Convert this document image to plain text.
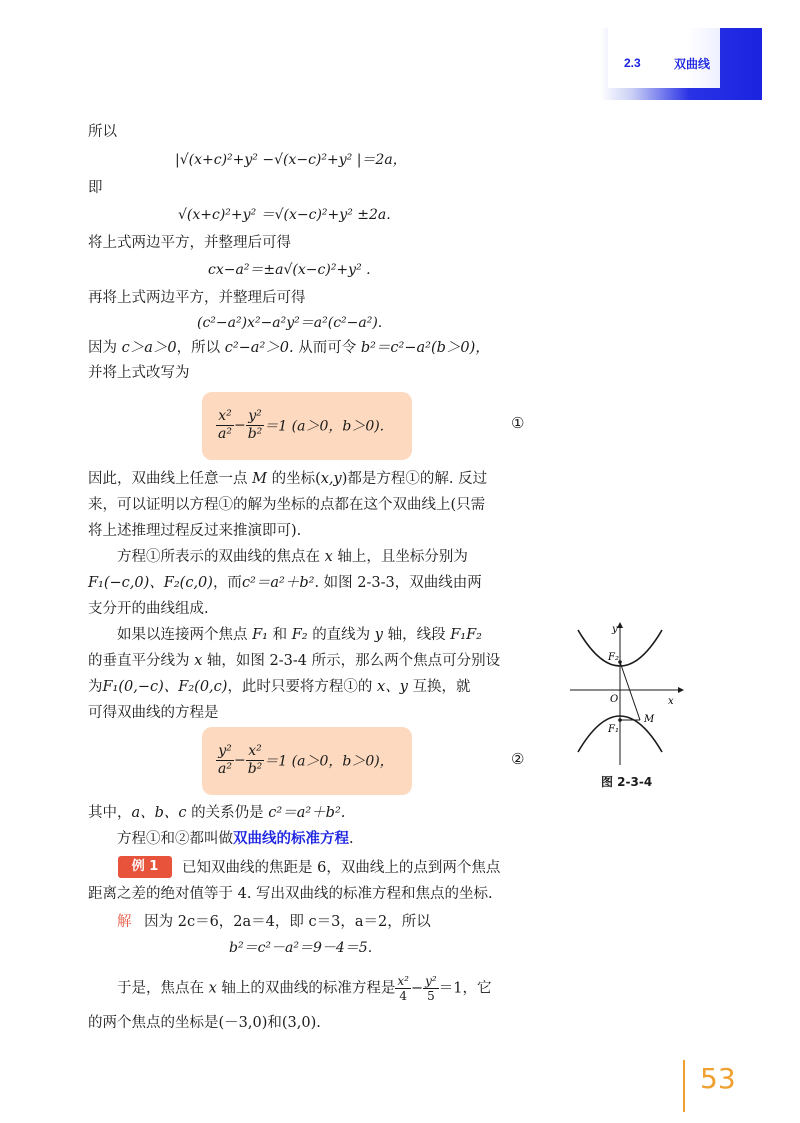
2.3	双曲线
所以
|√(x+c)²+y² −√(x−c)²+y² |＝2a，
即
√(x+c)²+y² ＝√(x−c)²+y² ±2a.
将上式两边平方，并整理后可得
cx−a²＝±a√(x−c)²+y² .
再将上式两边平方，并整理后可得
(c²−a²)x²−a²y²＝a²(c²−a²).
因为 c＞a＞0，所以 c²−a²＞0. 从而可令 b²＝c²−a²(b＞0)，
并将上式改写为
$\frac{\text{x²}}{\text{a²}} - \frac{\text{y²}}{\text{b²}} =1$ (a＞0，b＞0).	①
因此，双曲线上任意一点 M 的坐标(x,y)都是方程①的解. 反过
来，可以证明以方程①的解为坐标的点都在这个双曲线上(只需
将上述推理过程反过来推演即可).
方程①所表示的双曲线的焦点在 x 轴上，且坐标分别为
F₁(−c,0)、F₂(c,0)，而c²＝a²＋b². 如图 2-3-3，双曲线由两
支分开的曲线组成.
如果以连接两个焦点 F₁ 和 F₂ 的直线为 y 轴，线段 F₁F₂
的垂直平分线为 x 轴，如图 2-3-4 所示，那么两个焦点可分别设
为F₁(0,−c)、F₂(0,c)，此时只要将方程①的 x、y 互换，就
可得双曲线的方程是
$\frac{\text{y²}}{\text{a²}} - \frac{\text{x²}}{\text{b²}} =1$ (a＞0，b＞0)，	②
y
x
O
F₂
F₁
M
图 2-3-4
其中，a、b、c 的关系仍是 c²＝a²＋b².
方程①和②都叫做双曲线的标准方程.
例 1	已知双曲线的焦距是 6，双曲线上的点到两个焦点
距离之差的绝对值等于 4. 写出双曲线的标准方程和焦点的坐标.
解 因为 2c＝6，2a＝4，即 c＝3，a＝2，所以
b²＝c²－a²＝9－4＝5.
于是，焦点在 x 轴上的双曲线的标准方程是 $\frac{\text{x²}}{4} - \frac{\text{y²}}{5} =1$，它
的两个焦点的坐标是(－3,0)和(3,0).
53
